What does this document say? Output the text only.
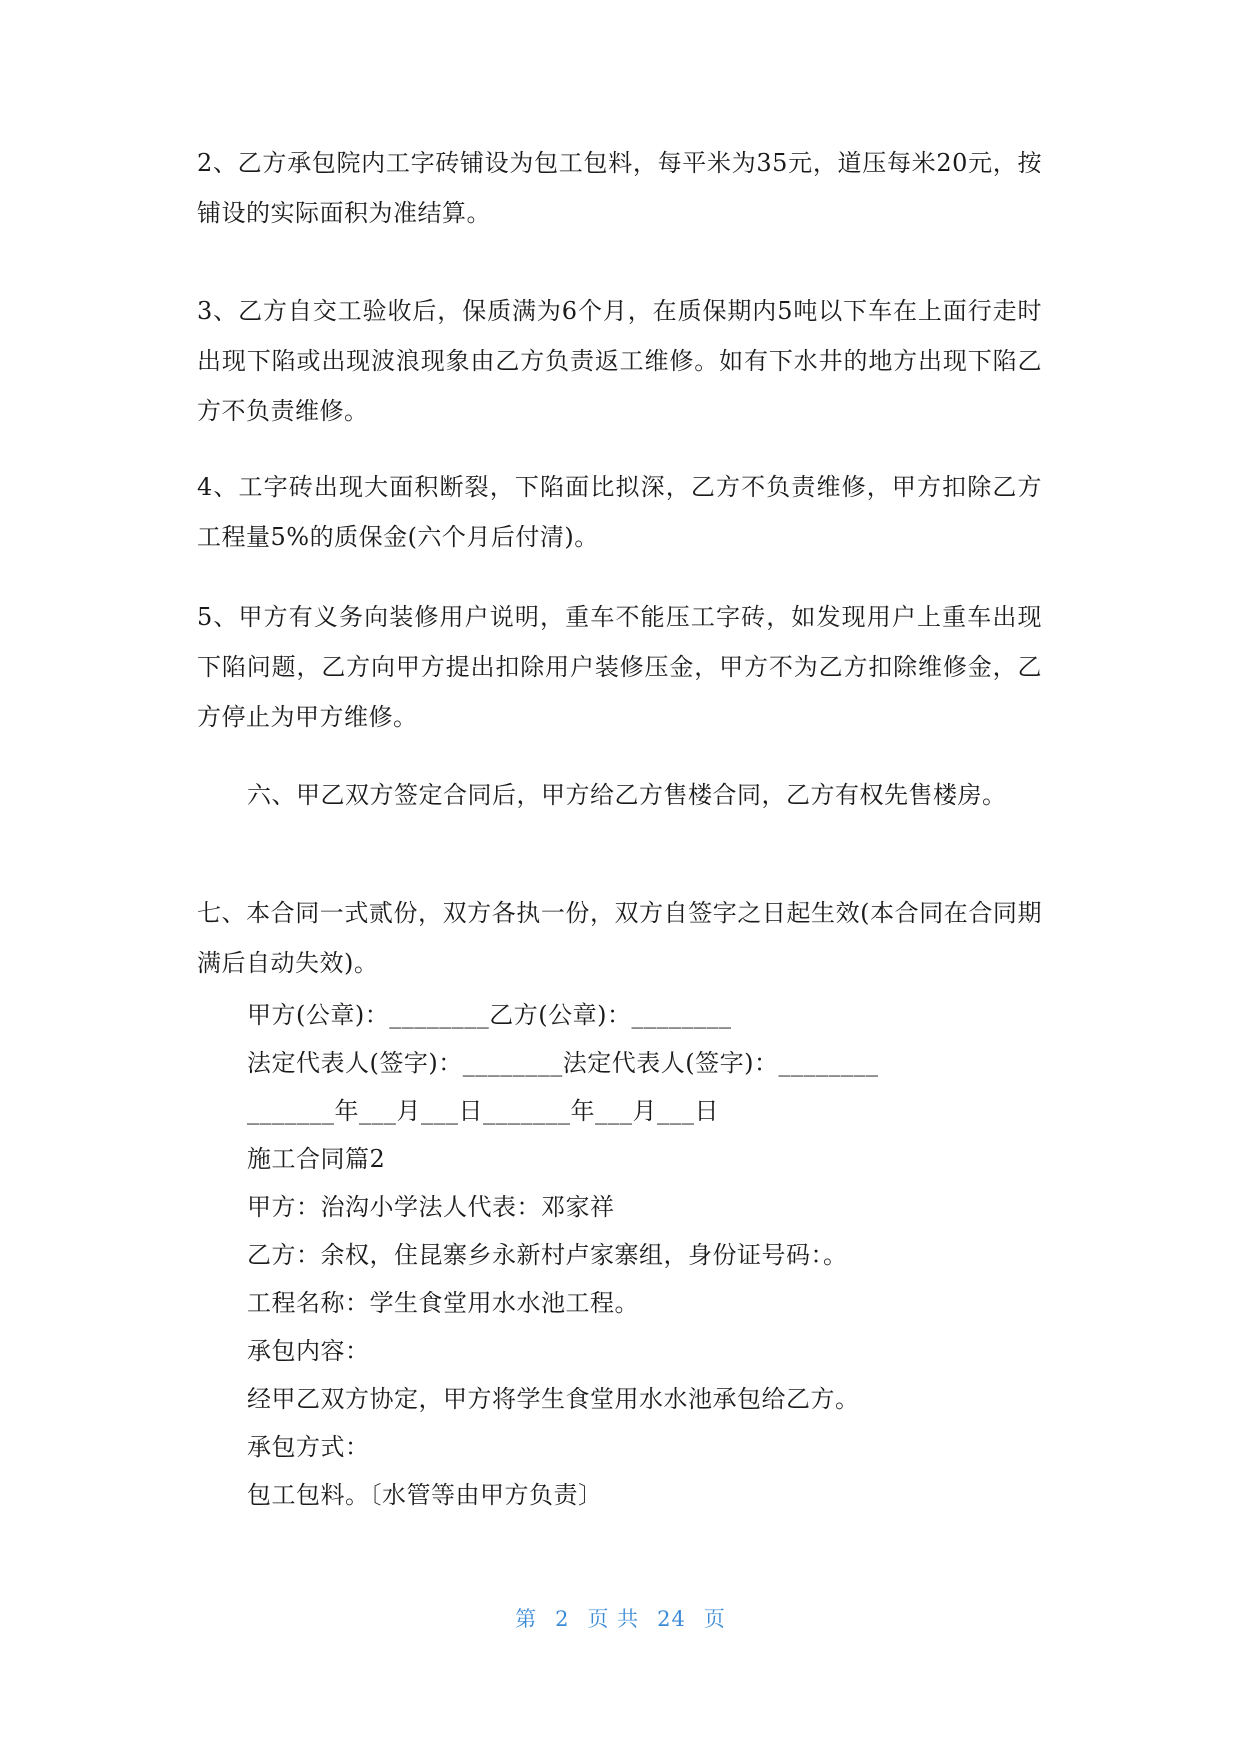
2、乙方承包院内工字砖铺设为包工包料，每平米为35元，道压每米20元，按铺设的实际面积为准结算。

3、乙方自交工验收后，保质满为6个月，在质保期内5吨以下车在上面行走时出现下陷或出现波浪现象由乙方负责返工维修。如有下水井的地方出现下陷乙方不负责维修。

4、工字砖出现大面积断裂，下陷面比拟深，乙方不负责维修，甲方扣除乙方工程量5%的质保金(六个月后付清)。

5、甲方有义务向装修用户说明，重车不能压工字砖，如发现用户上重车出现下陷问题，乙方向甲方提出扣除用户装修压金，甲方不为乙方扣除维修金，乙方停止为甲方维修。

六、甲乙双方签定合同后，甲方给乙方售楼合同，乙方有权先售楼房。

七、本合同一式贰份，双方各执一份，双方自签字之日起生效(本合同在合同期满后自动失效)。

甲方(公章)：________乙方(公章)：________

法定代表人(签字)：________法定代表人(签字)：________

_______年___月___日_______年___月___日

施工合同篇2

甲方：治沟小学法人代表：邓家祥

乙方：余权，住昆寨乡永新村卢家寨组，身份证号码：。

工程名称：学生食堂用水水池工程。

承包内容：

经甲乙双方协定，甲方将学生食堂用水水池承包给乙方。

承包方式：

包工包料。〔水管等由甲方负责〕

第 2 页 共 24 页
